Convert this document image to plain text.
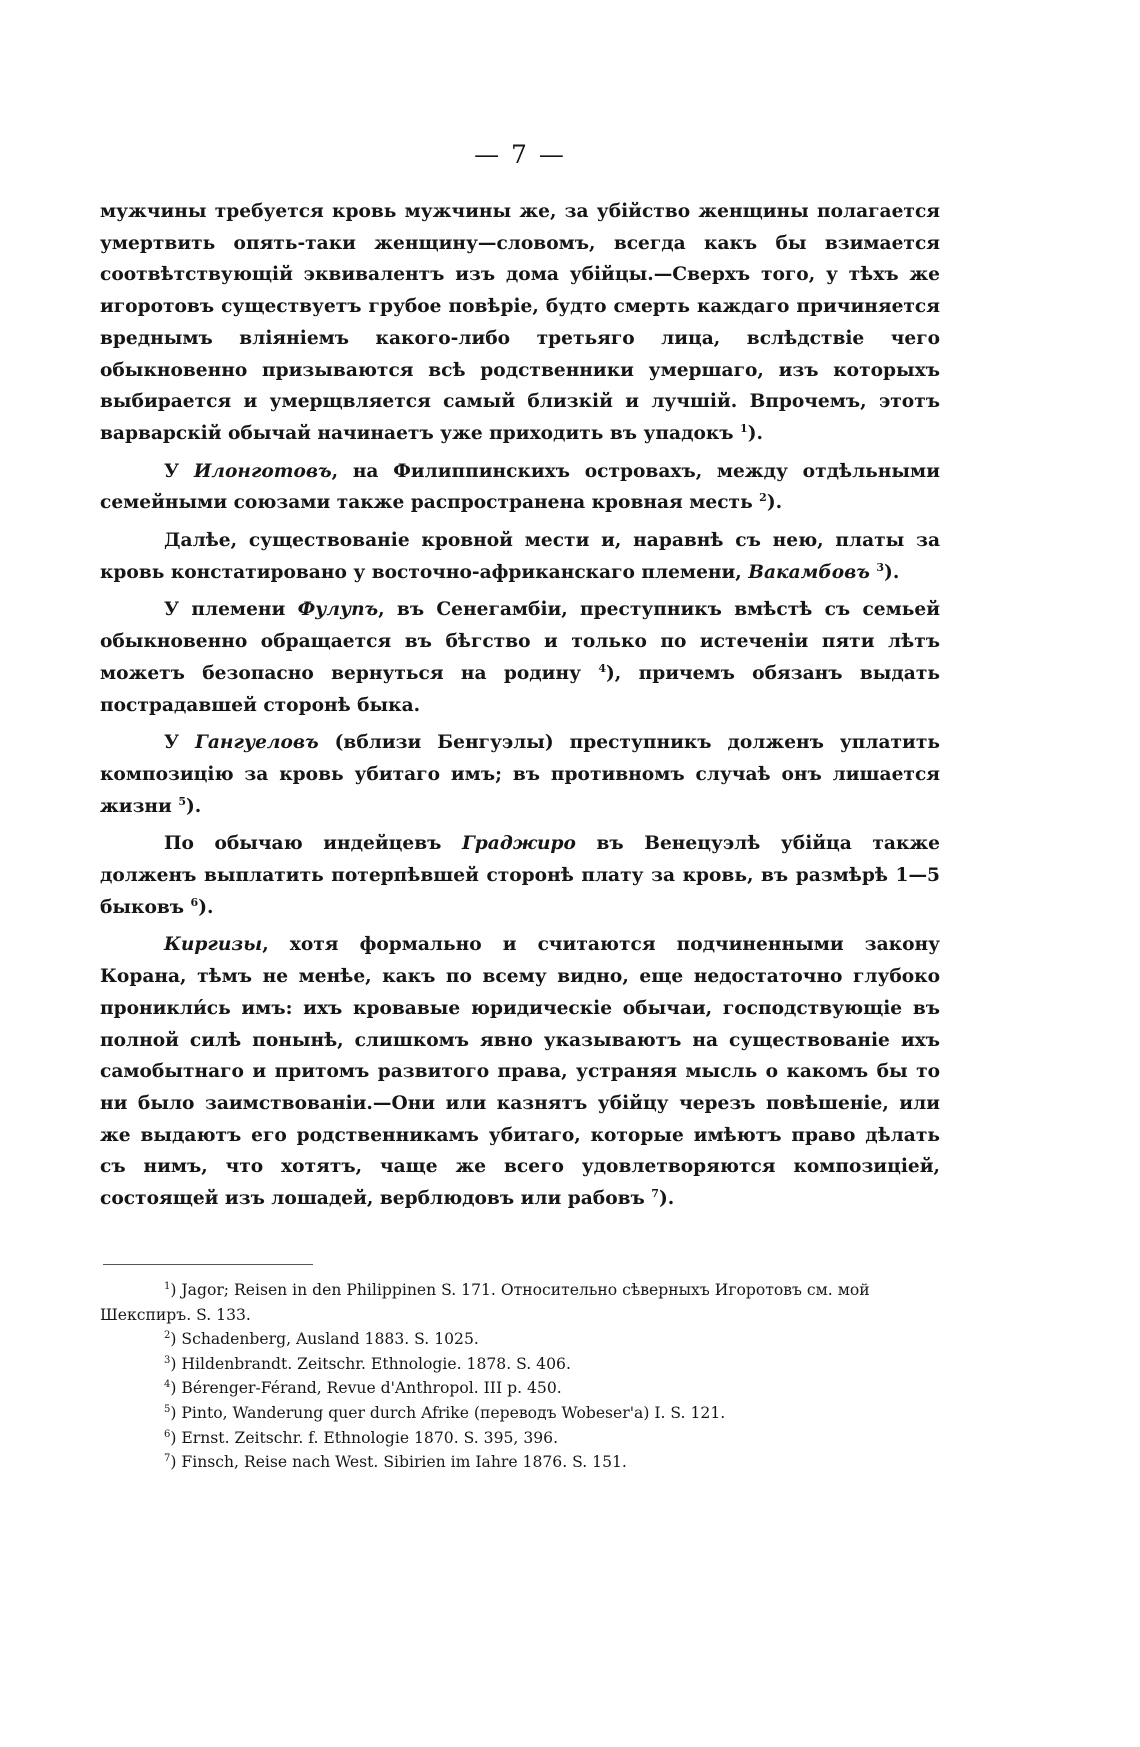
— 7 —

мужчины требуется кровь мужчины же, за убійство женщины полагается умертвить опять-таки женщину—словомъ, всегда какъ бы взимается соотвѣтствующій эквивалентъ изъ дома убійцы.—Сверхъ того, у тѣхъ же игоротовъ существуетъ грубое повѣріе, будто смерть каждаго причиняется вреднымъ вліяніемъ какого-либо третьяго лица, вслѣдствіе чего обыкновенно призываются всѣ родственники умершаго, изъ которыхъ выбирается и умерщвляется самый близкій и лучшій. Впрочемъ, этотъ варварскій обычай начинаетъ уже приходить въ упадокъ $^1$).

У Илонготовъ, на Филиппинскихъ островахъ, между отдѣльными семейными союзами также распространена кровная месть $^2$).

Далѣе, существованіе кровной мести и, наравнѣ съ нею, платы за кровь констатировано у восточно-африканскаго племени, Вакамбовъ $^3$).

У племени Фулупъ, въ Сенегамбіи, преступникъ вмѣстѣ съ семьей обыкновенно обращается въ бѣгство и только по истеченіи пяти лѣтъ можетъ безопасно вернуться на родину $^4$), причемъ обязанъ выдать пострадавшей сторонѣ быка.

У Гангуеловъ (вблизи Бенгуэлы) преступникъ долженъ уплатить композицію за кровь убитаго имъ; въ противномъ случаѣ онъ лишается жизни $^5$).

По обычаю индейцевъ Граджиро въ Венецуэлѣ убійца также долженъ выплатить потерпѣвшей сторонѣ плату за кровь, въ размѣрѣ 1—5 быковъ $^6$).

Киргизы, хотя формально и считаются подчиненными закону Корана, тѣмъ не менѣе, какъ по всему видно, еще недостаточно глубоко проникли́сь имъ: ихъ кровавые юридическіе обычаи, господствующіе въ полной силѣ понынѣ, слишкомъ явно указываютъ на существованіе ихъ самобытнаго и притомъ развитого права, устраняя мысль о какомъ бы то ни было заимствованіи.—Они или казнятъ убійцу черезъ повѣшеніе, или же выдаютъ его родственникамъ убитаго, которые имѣютъ право дѣлать съ нимъ, что хотятъ, чаще же всего удовлетворяются композиціей, состоящей изъ лошадей, верблюдовъ или рабовъ $^7$).

$^1$) Jagor; Reisen in den Philippinen S. 171. Относительно сѣверныхъ Игоротовъ см. мой Шекспиръ. S. 133.

$^2$) Schadenberg, Ausland 1883. S. 1025.

$^3$) Hildenbrandt. Zeitschr. Ethnologie. 1878. S. 406.

$^4$) Bérenger-Férand, Revue d'Anthropol. III p. 450.

$^5$) Pinto, Wanderung quer durch Afrike (переводъ Wobeser'a) I. S. 121.

$^6$) Ernst. Zeitschr. f. Ethnologie 1870. S. 395, 396.

$^7$) Finsch, Reise nach West. Sibirien im Iahre 1876. S. 151.
